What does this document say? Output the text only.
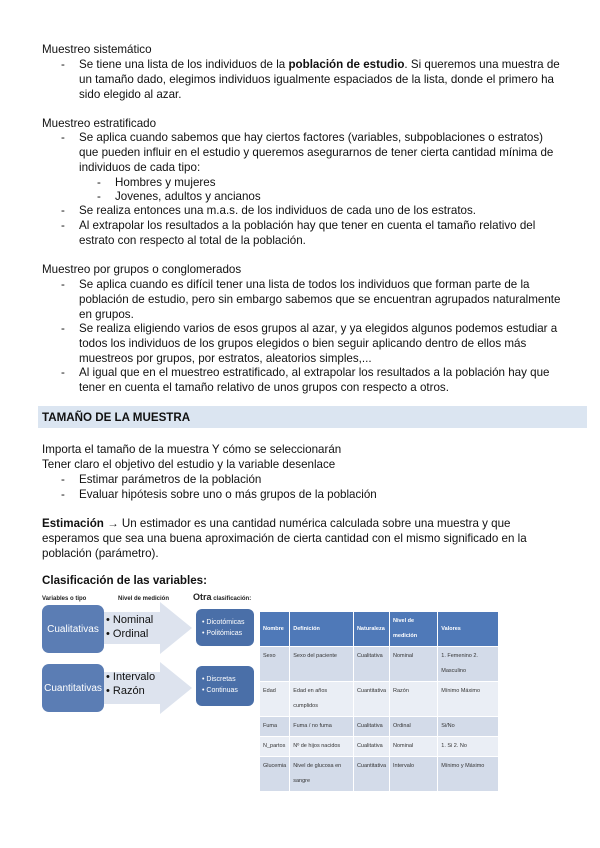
Muestreo sistemático
- Se tiene una lista de los individuos de la población de estudio. Si queremos una muestra de un tamaño dado, elegimos individuos igualmente espaciados de la lista, donde el primero ha sido elegido al azar.
Muestreo estratificado
- Se aplica cuando sabemos que hay ciertos factores (variables, subpoblaciones o estratos) que pueden influir en el estudio y queremos asegurarnos de tener cierta cantidad mínima de individuos de cada tipo:
- Hombres y mujeres
- Jovenes, adultos y ancianos
- Se realiza entonces una m.a.s. de los individuos de cada uno de los estratos.
- Al extrapolar los resultados a la población hay que tener en cuenta el tamaño relativo del estrato con respecto al total de la población.
Muestreo por grupos o conglomerados
- Se aplica cuando es difícil tener una lista de todos los individuos que forman parte de la población de estudio, pero sin embargo sabemos que se encuentran agrupados naturalmente en grupos.
- Se realiza eligiendo varios de esos grupos al azar, y ya elegidos algunos podemos estudiar a todos los individuos de los grupos elegidos o bien seguir aplicando dentro de ellos más muestreos por grupos, por estratos, aleatorios simples,...
- Al igual que en el muestreo estratificado, al extrapolar los resultados a la población hay que tener en cuenta el tamaño relativo de unos grupos con respecto a otros.
TAMAÑO DE LA MUESTRA
Importa el tamaño de la muestra Y cómo se seleccionarán
Tener claro el objetivo del estudio y la variable desenlace
- Estimar parámetros de la población
- Evaluar hipótesis sobre uno o más grupos de la población
Estimación → Un estimador es una cantidad numérica calculada sobre una muestra y que esperamos que sea una buena aproximación de cierta cantidad con el mismo significado en la población (parámetro).
Clasificación de las variables:
Variables o tipo	Nivel de medición	Otra clasificación:
Cualitativas
Cuantitativas
• Nominal
• Ordinal
• Intervalo
• Razón
• Dicotómicas
• Politómicas
• Discretas
• Continuas
Nombre	Definición	Naturaleza	Nivel de medición	Valores
Sexo	Sexo del paciente	Cualitativa	Nominal	1. Femenino 2. Masculino
Edad	Edad en años cumplidos	Cuantitativa	Razón	Mínimo Máximo
Fuma	Fuma / no fuma	Cualitativa	Ordinal	Si/No
N_partos	Nº de hijos nacidos	Cualitativa	Nominal	1. Si 2. No
Glucemia	Nivel de glucosa en sangre	Cuantitativa	Intervalo	Mínimo y Máximo
